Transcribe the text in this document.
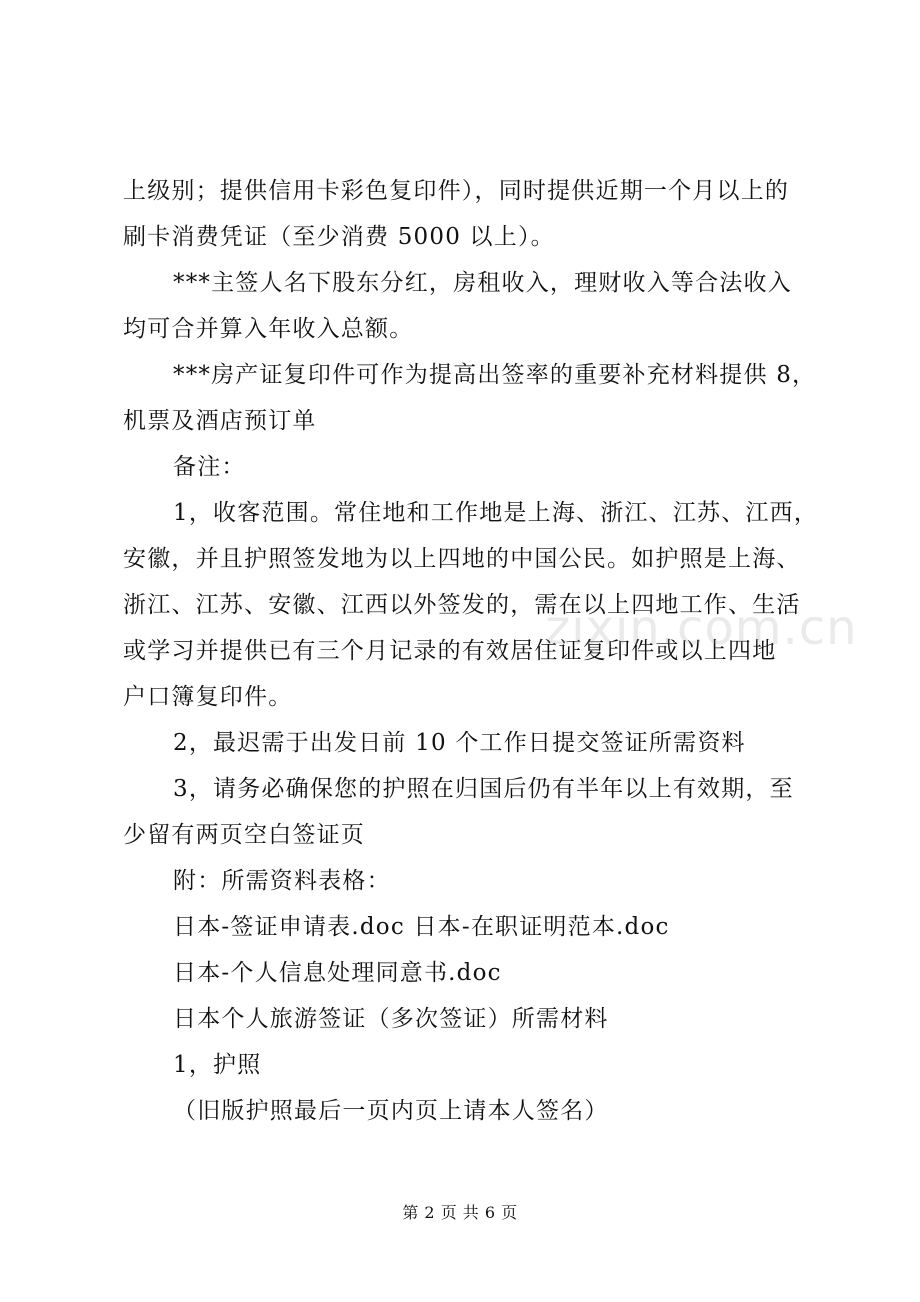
上级别；提供信用卡彩色复印件），同时提供近期一个月以上的
刷卡消费凭证（至少消费 5000 以上）。
***主签人名下股东分红，房租收入，理财收入等合法收入
均可合并算入年收入总额。
***房产证复印件可作为提高出签率的重要补充材料提供 8，
机票及酒店预订单
备注：
1，收客范围。常住地和工作地是上海、浙江、江苏、江西，
安徽，并且护照签发地为以上四地的中国公民。如护照是上海、
浙江、江苏、安徽、江西以外签发的，需在以上四地工作、生活
或学习并提供已有三个月记录的有效居住证复印件或以上四地
户口簿复印件。
2，最迟需于出发日前 10 个工作日提交签证所需资料
3，请务必确保您的护照在归国后仍有半年以上有效期，至
少留有两页空白签证页
附：所需资料表格：
日本-签证申请表.doc 日本-在职证明范本.doc
日本-个人信息处理同意书.doc
日本个人旅游签证（多次签证）所需材料
1，护照
（旧版护照最后一页内页上请本人签名）
zixin.com.cn
第 2 页 共 6 页
